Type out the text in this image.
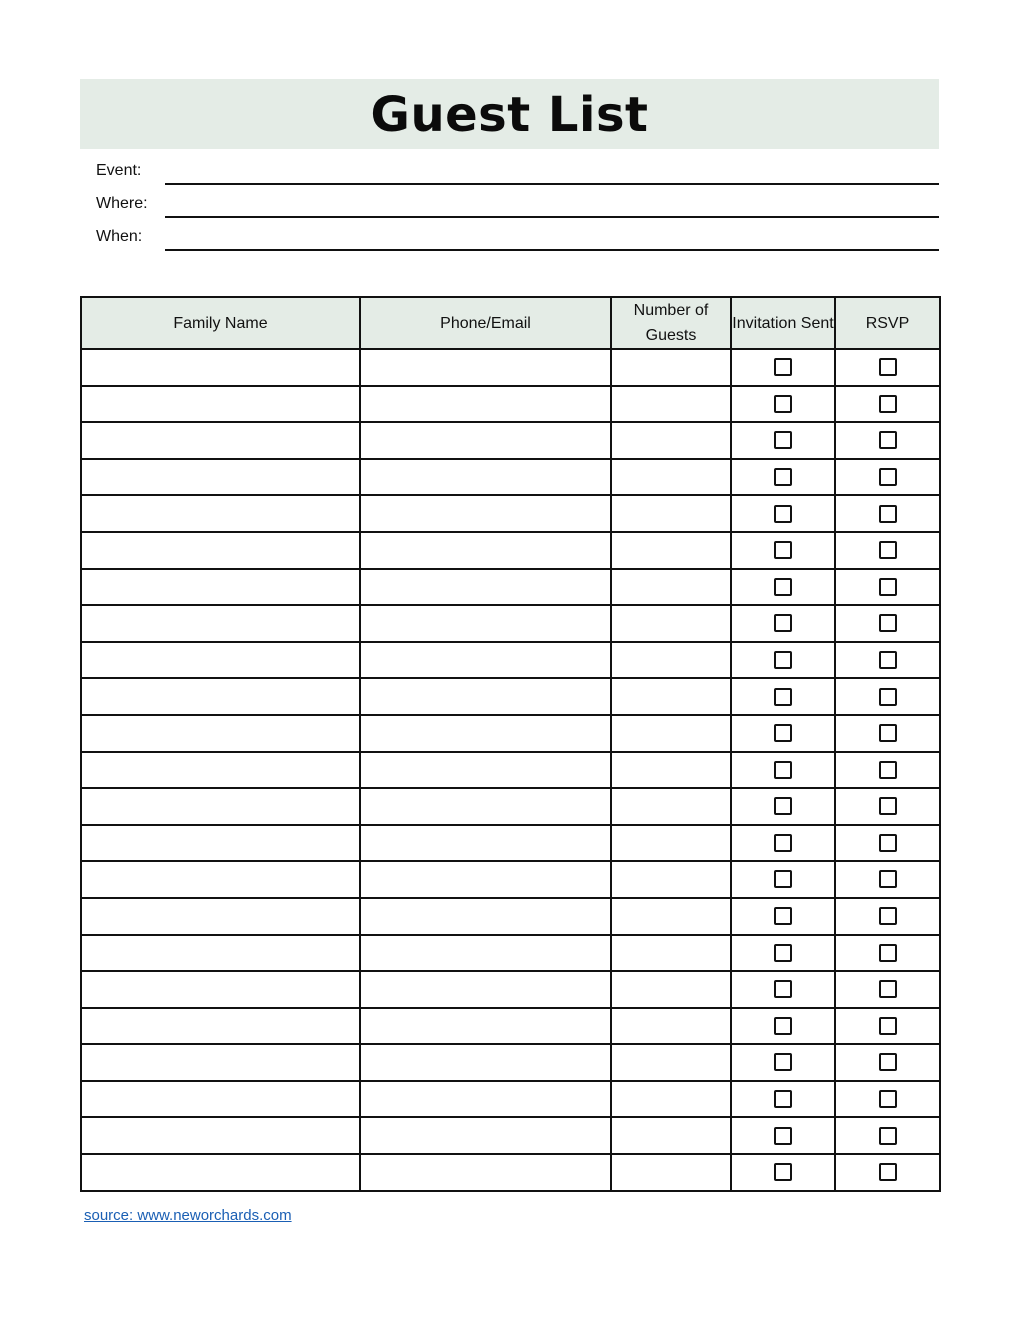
Guest List
Event:
Where:
When:
Family Name	Phone/Email	Number of Guests	Invitation Sent	RSVP

source: www.neworchards.com
